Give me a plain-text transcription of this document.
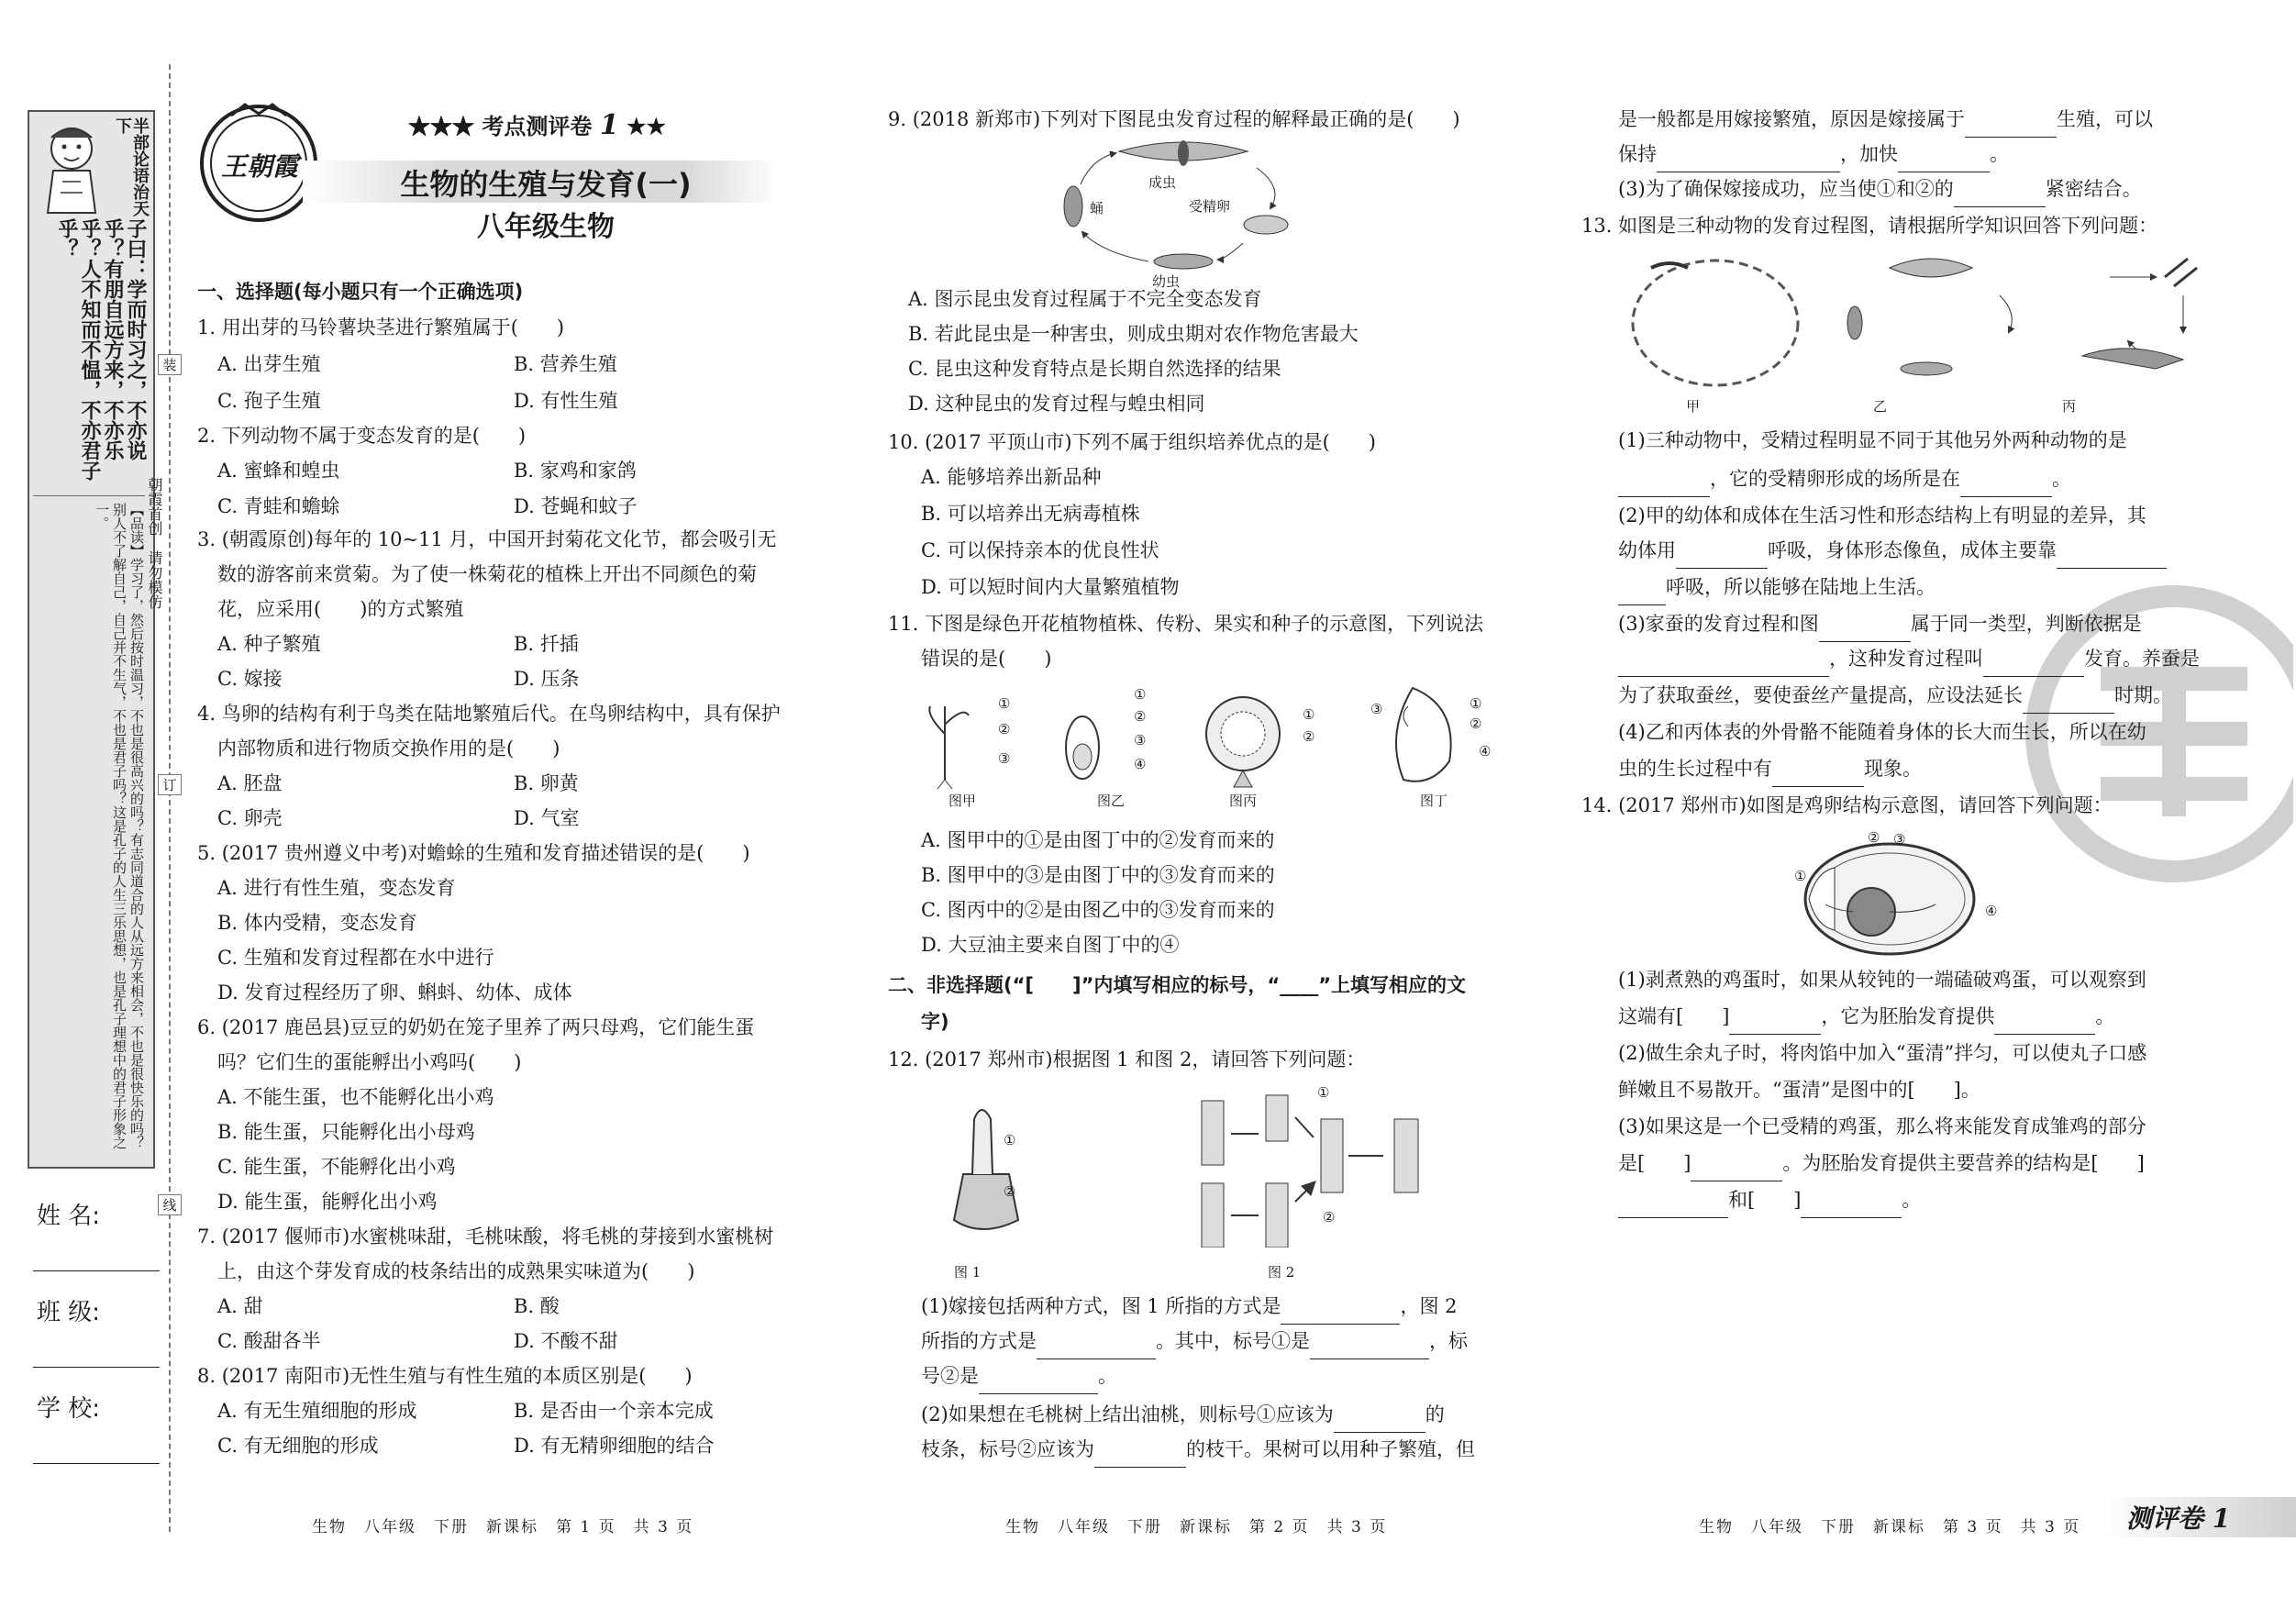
半部论语治天下
子曰：学而时习之，不亦说乎？有朋自远方来，不亦乐乎？人不知而不愠，不亦君子乎？
【品读】学习了，然后按时温习，不也是很高兴的吗？有志同道合的人从远方来相会，不也是很快乐的吗？别人不了解自己，自己并不生气，不也是君子吗？这是孔子的人生三乐思想，也是孔子理想中的君子形象之一。
装
订
线
朝霞首创　请勿模仿
姓 名:
班 级:
学 校:
王朝霞
★★★ 考点测评卷 1 ★★
生物的生殖与发育(一)
八年级生物
一、选择题(每小题只有一个正确选项)
1. 用出芽的马铃薯块茎进行繁殖属于(　　)
A. 出芽生殖	B. 营养生殖
C. 孢子生殖	D. 有性生殖
2. 下列动物不属于变态发育的是(　　)
A. 蜜蜂和蝗虫	B. 家鸡和家鸽
C. 青蛙和蟾蜍	D. 苍蝇和蚊子
3. (朝霞原创)每年的 10~11 月，中国开封菊花文化节，都会吸引无
数的游客前来赏菊。为了使一株菊花的植株上开出不同颜色的菊
花，应采用(　　)的方式繁殖
A. 种子繁殖	B. 扦插
C. 嫁接	D. 压条
4. 鸟卵的结构有利于鸟类在陆地繁殖后代。在鸟卵结构中，具有保护
内部物质和进行物质交换作用的是(　　)
A. 胚盘	B. 卵黄
C. 卵壳	D. 气室
5. (2017 贵州遵义中考)对蟾蜍的生殖和发育描述错误的是(　　)
A. 进行有性生殖，变态发育
B. 体内受精，变态发育
C. 生殖和发育过程都在水中进行
D. 发育过程经历了卵、蝌蚪、幼体、成体
6. (2017 鹿邑县)豆豆的奶奶在笼子里养了两只母鸡，它们能生蛋
吗？它们生的蛋能孵出小鸡吗(　　)
A. 不能生蛋，也不能孵化出小鸡
B. 能生蛋，只能孵化出小母鸡
C. 能生蛋，不能孵化出小鸡
D. 能生蛋，能孵化出小鸡
7. (2017 偃师市)水蜜桃味甜，毛桃味酸，将毛桃的芽接到水蜜桃树
上，由这个芽发育成的枝条结出的成熟果实味道为(　　)
A. 甜	B. 酸
C. 酸甜各半	D. 不酸不甜
8. (2017 南阳市)无性生殖与有性生殖的本质区别是(　　)
A. 有无生殖细胞的形成	B. 是否由一个亲本完成
C. 有无细胞的形成	D. 有无精卵细胞的结合
生物　八年级　下册　新课标　第 1 页　共 3 页
9. (2018 新郑市)下列对下图昆虫发育过程的解释最正确的是(　　)
成虫
受精卵
蛹
幼虫
A. 图示昆虫发育过程属于不完全变态发育
B. 若此昆虫是一种害虫，则成虫期对农作物危害最大
C. 昆虫这种发育特点是长期自然选择的结果
D. 这种昆虫的发育过程与蝗虫相同
10. (2017 平顶山市)下列不属于组织培养优点的是(　　)
A. 能够培养出新品种
B. 可以培养出无病毒植株
C. 可以保持亲本的优良性状
D. 可以短时间内大量繁殖植物
11. 下图是绿色开花植物植株、传粉、果实和种子的示意图，下列说法
错误的是(　　)
①
②
③
①
②
③
④
①
②
③	①
②
④
图甲	图乙	图丙	图丁
A. 图甲中的①是由图丁中的②发育而来的
B. 图甲中的③是由图丁中的③发育而来的
C. 图丙中的②是由图乙中的③发育而来的
D. 大豆油主要来自图丁中的④
二、非选择题(“[　　]”内填写相应的标号，“____”上填写相应的文
字)
12. (2017 郑州市)根据图 1 和图 2，请回答下列问题：
①
②
①
②
图 1	图 2
(1)嫁接包括两种方式，图 1 所指的方式是	，图 2
所指的方式是	。其中，标号①是	，标
号②是	。
(2)如果想在毛桃树上结出油桃，则标号①应该为	的
枝条，标号②应该为	的枝干。果树可以用种子繁殖，但
生物　八年级　下册　新课标　第 2 页　共 3 页
是一般都是用嫁接繁殖，原因是嫁接属于	生殖，可以
保持	，加快	。
(3)为了确保嫁接成功，应当使①和②的	紧密结合。
13. 如图是三种动物的发育过程图，请根据所学知识回答下列问题：
甲	乙	丙
(1)三种动物中，受精过程明显不同于其他另外两种动物的是
，它的受精卵形成的场所是在	。
(2)甲的幼体和成体在生活习性和形态结构上有明显的差异，其
幼体用	呼吸，身体形态像鱼，成体主要靠
呼吸，所以能够在陆地上生活。
(3)家蚕的发育过程和图	属于同一类型，判断依据是
，这种发育过程叫	发育。养蚕是
为了获取蚕丝，要使蚕丝产量提高，应设法延长	时期。
(4)乙和丙体表的外骨骼不能随着身体的长大而生长，所以在幼
虫的生长过程中有	现象。
14. (2017 郑州市)如图是鸡卵结构示意图，请回答下列问题：
② ③
①
④
(1)剥煮熟的鸡蛋时，如果从较钝的一端磕破鸡蛋，可以观察到
这端有[　　]	，它为胚胎发育提供	。
(2)做生余丸子时，将肉馅中加入“蛋清”拌匀，可以使丸子口感
鲜嫩且不易散开。“蛋清”是图中的[　　]。
(3)如果这是一个已受精的鸡蛋，那么将来能发育成雏鸡的部分
是[　　]	。为胚胎发育提供主要营养的结构是[　　]
和[　　]	。
生物　八年级　下册　新课标　第 3 页　共 3 页 测评卷 1
